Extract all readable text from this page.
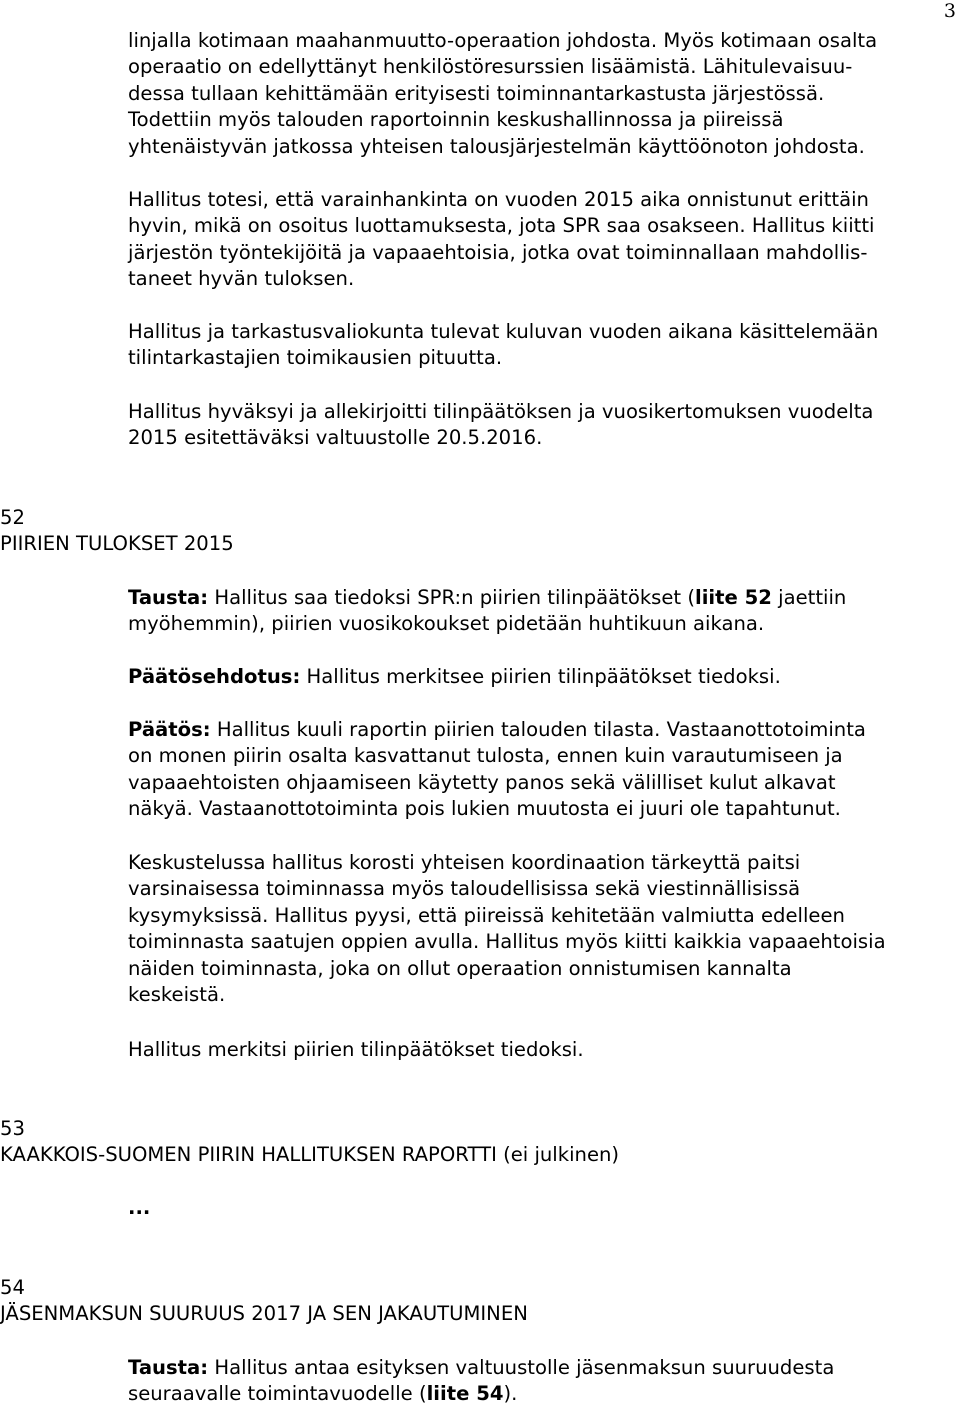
3
linjalla kotimaan maahanmuutto-operaation johdosta. Myös kotimaan osalta
operaatio on edellyttänyt henkilöstöresurssien lisäämistä. Lähitulevaisuu-
dessa tullaan kehittämään erityisesti toiminnantarkastusta järjestössä.
Todettiin myös talouden raportoinnin keskushallinnossa ja piireissä
yhtenäistyvän jatkossa yhteisen talousjärjestelmän käyttöönoton johdosta.
Hallitus totesi, että varainhankinta on vuoden 2015 aika onnistunut erittäin
hyvin, mikä on osoitus luottamuksesta, jota SPR saa osakseen. Hallitus kiitti
järjestön työntekijöitä ja vapaaehtoisia, jotka ovat toiminnallaan mahdollis-
taneet hyvän tuloksen.
Hallitus ja tarkastusvaliokunta tulevat kuluvan vuoden aikana käsittelemään
tilintarkastajien toimikausien pituutta.
Hallitus hyväksyi ja allekirjoitti tilinpäätöksen ja vuosikertomuksen vuodelta
2015 esitettäväksi valtuustolle 20.5.2016.
52
PIIRIEN TULOKSET 2015
Tausta: Hallitus saa tiedoksi SPR:n piirien tilinpäätökset (liite 52 jaettiin
myöhemmin), piirien vuosikokoukset pidetään huhtikuun aikana.
Päätösehdotus: Hallitus merkitsee piirien tilinpäätökset tiedoksi.
Päätös: Hallitus kuuli raportin piirien talouden tilasta. Vastaanottotoiminta
on monen piirin osalta kasvattanut tulosta, ennen kuin varautumiseen ja
vapaaehtoisten ohjaamiseen käytetty panos sekä välilliset kulut alkavat
näkyä. Vastaanottotoiminta pois lukien muutosta ei juuri ole tapahtunut.
Keskustelussa hallitus korosti yhteisen koordinaation tärkeyttä paitsi
varsinaisessa toiminnassa myös taloudellisissa sekä viestinnällisissä
kysymyksissä. Hallitus pyysi, että piireissä kehitetään valmiutta edelleen
toiminnasta saatujen oppien avulla. Hallitus myös kiitti kaikkia vapaaehtoisia
näiden toiminnasta, joka on ollut operaation onnistumisen kannalta
keskeistä.
Hallitus merkitsi piirien tilinpäätökset tiedoksi.
53
KAAKKOIS-SUOMEN PIIRIN HALLITUKSEN RAPORTTI (ei julkinen)
...
54
JÄSENMAKSUN SUURUUS 2017 JA SEN JAKAUTUMINEN
Tausta: Hallitus antaa esityksen valtuustolle jäsenmaksun suuruudesta
seuraavalle toimintavuodelle (liite 54).
